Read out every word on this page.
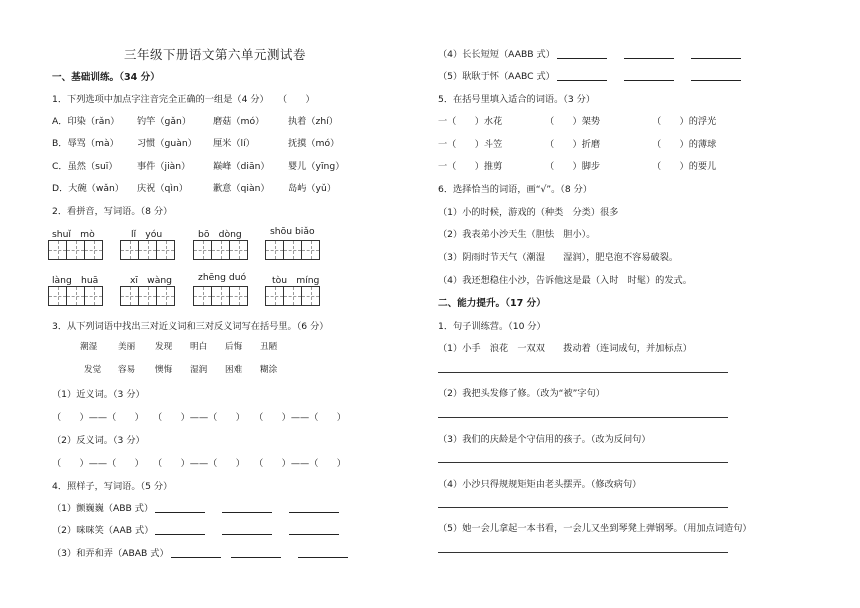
三年级下册语文第六单元测试卷
一、基础训练。（34 分）
1．下列选项中加点字注音完全正确的一组是（4 分）　　（　　）
A．印染（rǎn） 钓竿（gǎn） 磨菇（mó）	执着（zhí）
B．辱骂（mà） 习惯（guàn） 厘米（lí）	抚摸（mó）
C．虽然（suī） 事件（jiàn） 巅峰（diān） 婴儿（yīng）
D．大碗（wǎn） 庆祝（qìn）	歉意（qiàn） 岛屿（yǔ）
2．看拼音，写词语。（8 分）
shuǐ　mò	lǐ　yóu	bō　dòng	shōu biǎo
làng　huā	xī　wàng	zhēng duó	tòu　míng
3．从下列词语中找出三对近义词和三对反义词写在括号里。（6 分）
潮湿 美丽 发现 明白 后悔 丑陋
发觉 容易 懊悔 湿润 困难 糊涂
（1）近义词。（3 分）
（　　）——（　　）　　（　　）——（　　）　　（　　）——（　　）
（2）反义词。（3 分）
（　　）——（　　）　　（　　）——（　　）　　（　　）——（　　）
4．照样子，写词语。（5 分）
（1）颤巍巍（ABB 式）
（2）咪咪笑（AAB 式）
（3）和弄和弄（ABAB 式）
（4）长长短短（AABB 式）
（5）耿耿于怀（AABC 式）
5．在括号里填入适合的词语。（3 分）
一（　　）水花	（　　）架势	（　　）的浮光
一（　　）斗笠	（　　）折磨	（　　）的薄球
一（　　）推剪	（　　）脚步	（　　）的要儿
6．选择恰当的词语，画“√”。（8 分）
（1）小的时候，游戏的（种类　分类）很多
（2）我表弟小沙天生（胆怯　胆小）。
（3）阴雨时节天气（潮湿　　湿润），肥皂泡不容易破裂。
（4）我还想稳住小沙，告诉他这是最（入时　时髦）的发式。
二、能力提升。（17 分）
1．句子训练营。（10 分）
（1）小手　浪花　一双双　　拨动着（连词成句，并加标点）
（2）我把头发修了修。（改为“被”字句）
（3）我们的庆龄是个守信用的孩子。（改为反问句）
（4）小沙只得规规矩矩由老头摆弄。（修改病句）
（5）她一会儿拿起一本书看，一会儿又坐到琴凳上弹钢琴。（用加点词造句）
